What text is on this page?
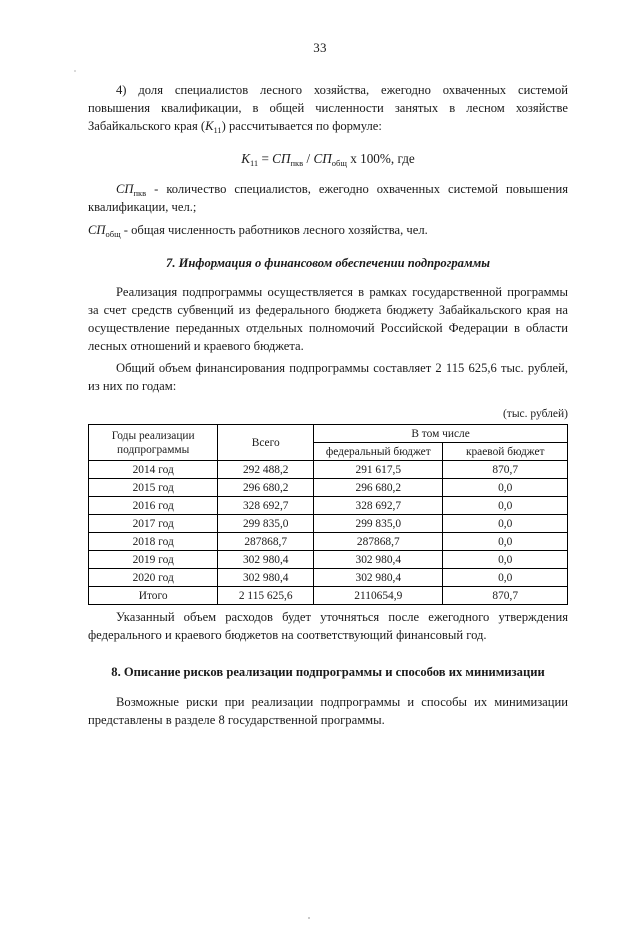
33

4) доля специалистов лесного хозяйства, ежегодно охваченных системой повышения квалификации, в общей численности занятых в лесном хозяйстве Забайкальского края $(К_{11})$ рассчитывается по формуле:

$К_{11} = СП_{пкв} / СП_{общ}$ х 100%, где

$СП_{пкв}$ - количество специалистов, ежегодно охваченных системой повышения квалификации, чел.;

$СП_{общ}$ - общая численность работников лесного хозяйства, чел.

7. Информация о финансовом обеспечении подпрограммы

Реализация подпрограммы осуществляется в рамках государственной программы за счет средств субвенций из федерального бюджета бюджету Забайкальского края на осуществление переданных отдельных полномочий Российской Федерации в области лесных отношений и краевого бюджета.

Общий объем финансирования подпрограммы составляет 2 115 625,6 тыс. рублей, из них по годам:

(тыс. рублей)
Годы реализации подпрограммы	Всего	В том числе	
		федеральный бюджет	краевой бюджет
2014 год	292 488,2	291 617,5	870,7
2015 год	296 680,2	296 680,2	0,0
2016 год	328 692,7	328 692,7	0,0
2017 год	299 835,0	299 835,0	0,0
2018 год	287868,7	287868,7	0,0
2019 год	302 980,4	302 980,4	0,0
2020 год	302 980,4	302 980,4	0,0
Итого	2 115 625,6	2110654,9	870,7

Указанный объем расходов будет уточняться после ежегодного утверждения федерального и краевого бюджетов на соответствующий финансовый год.

8. Описание рисков реализации подпрограммы и способов их минимизации

Возможные риски при реализации подпрограммы и способы их минимизации представлены в разделе 8 государственной программы.
